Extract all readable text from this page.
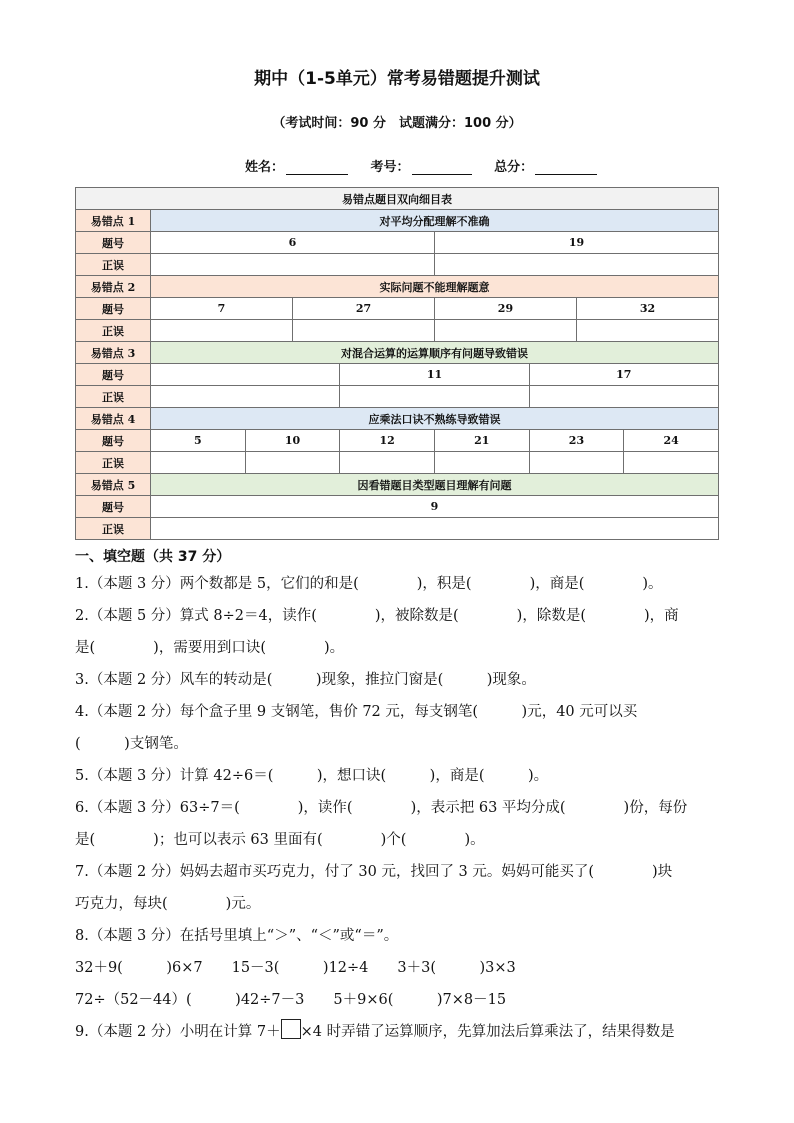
期中（1-5单元）常考易错题提升测试
（考试时间：90 分　试题满分：100 分）
姓名：	考号：	总分：
易错点题目双向细目表								
易错点 1	对平均分配理解不准确							
题号	6				19			
正误								
易错点 2	实际问题不能理解题意							
题号	7		27		29		32	
正误								
易错点 3	对混合运算的运算顺序有问题导致错误							
题号				11		17		
正误								
易错点 4	应乘法口诀不熟练导致错误							
题号	5	10		12	21	23		24
正误								
易错点 5	因看错题目类型题目理解有问题							
题号	9							
正误								
一、填空题（共 37 分）
1.（本题 3 分）两个数都是 5，它们的和是(　　　　)，积是(　　　　)，商是(　　　　)。
2.（本题 5 分）算式 8÷2＝4，读作(　　　　)，被除数是(　　　　)，除数是(　　　　)，商
是(　　　　)，需要用到口诀(　　　　)。
3.（本题 2 分）风车的转动是(　　　)现象，推拉门窗是(　　　)现象。
4.（本题 2 分）每个盒子里 9 支钢笔，售价 72 元，每支钢笔(　　　)元，40 元可以买
(　　　)支钢笔。
5.（本题 3 分）计算 42÷6＝(　　　)，想口诀(　　　)，商是(　　　)。
6.（本题 3 分）63÷7＝(　　　　)，读作(　　　　)，表示把 63 平均分成(　　　　)份，每份
是(　　　　)；也可以表示 63 里面有(　　　　)个(　　　　)。
7.（本题 2 分）妈妈去超市买巧克力，付了 30 元，找回了 3 元。妈妈可能买了(　　　　)块
巧克力，每块(　　　　)元。
8.（本题 3 分）在括号里填上“＞”、“＜”或“＝”。
32＋9(　　　)6×7　　15－3(　　　)12÷4　　3＋3(　　　)3×3
72÷（52－44）(　　　)42÷7－3　　5＋9×6(　　　)7×8－15
9.（本题 2 分）小明在计算 7＋ ×4 时弄错了运算顺序，先算加法后算乘法了，结果得数是
